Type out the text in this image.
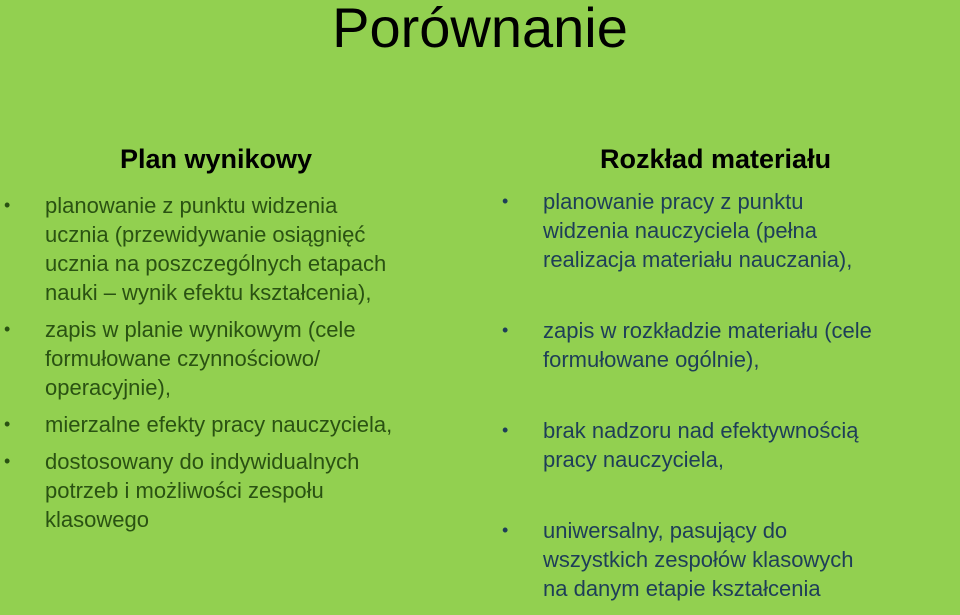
Porównanie
Plan wynikowy
• planowanie z punktu widzenia
ucznia (przewidywanie osiągnięć
ucznia na poszczególnych etapach
nauki – wynik efektu kształcenia),
• zapis w planie wynikowym (cele
formułowane czynnościowo/
operacyjnie),
• mierzalne efekty pracy nauczyciela,
• dostosowany do indywidualnych
potrzeb i możliwości zespołu
klasowego
Rozkład materiału
• planowanie pracy z punktu
widzenia nauczyciela (pełna
realizacja materiału nauczania),
• zapis w rozkładzie materiału (cele
formułowane ogólnie),
• brak nadzoru nad efektywnością
pracy nauczyciela,
• uniwersalny, pasujący do
wszystkich zespołów klasowych
na danym etapie kształcenia
